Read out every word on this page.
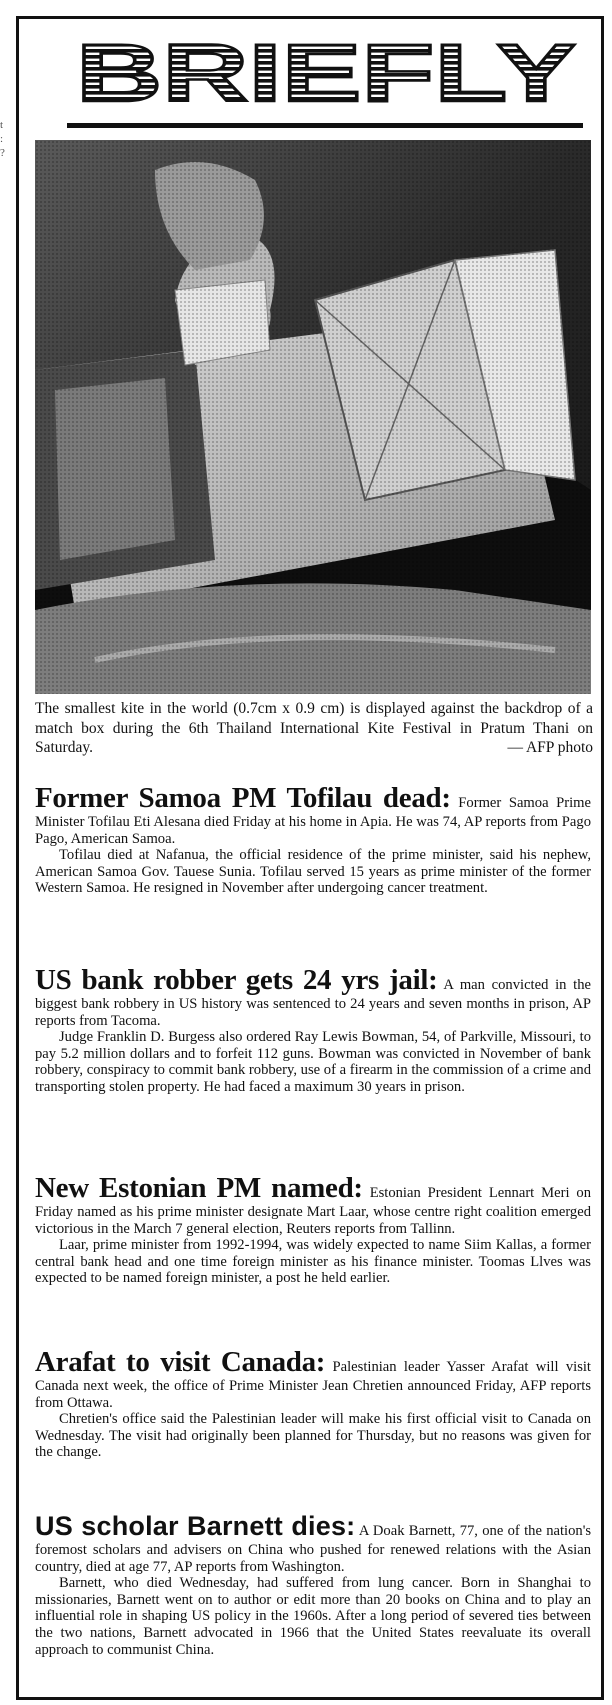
t
:
?
BRIEFLY
The smallest kite in the world (0.7cm x 0.9 cm) is displayed against the backdrop of a match box during the 6th Thailand International Kite Festival in Pratum Thani on Saturday.	— AFP photo

Former Samoa PM Tofilau dead: Former Samoa Prime Minister Tofilau Eti Alesana died Friday at his home in Apia. He was 74, AP reports from Pago Pago, American Samoa.

Tofilau died at Nafanua, the official residence of the prime minister, said his nephew, American Samoa Gov. Tauese Sunia. Tofilau served 15 years as prime minister of the former Western Samoa. He resigned in November after undergoing cancer treatment.

US bank robber gets 24 yrs jail: A man convicted in the biggest bank robbery in US history was sentenced to 24 years and seven months in prison, AP reports from Tacoma.

Judge Franklin D. Burgess also ordered Ray Lewis Bowman, 54, of Parkville, Missouri, to pay 5.2 million dollars and to forfeit 112 guns. Bowman was convicted in November of bank robbery, conspiracy to commit bank robbery, use of a firearm in the commission of a crime and transporting stolen property. He had faced a maximum 30 years in prison.

New Estonian PM named: Estonian President Lennart Meri on Friday named as his prime minister designate Mart Laar, whose centre right coalition emerged victorious in the March 7 general election, Reuters reports from Tallinn.

Laar, prime minister from 1992-1994, was widely expected to name Siim Kallas, a former central bank head and one time foreign minister as his finance minister. Toomas Llves was expected to be named foreign minister, a post he held earlier.

Arafat to visit Canada: Palestinian leader Yasser Arafat will visit Canada next week, the office of Prime Minister Jean Chretien announced Friday, AFP reports from Ottawa.

Chretien's office said the Palestinian leader will make his first official visit to Canada on Wednesday. The visit had originally been planned for Thursday, but no reasons was given for the change.

US scholar Barnett dies: A Doak Barnett, 77, one of the nation's foremost scholars and advisers on China who pushed for renewed relations with the Asian country, died at age 77, AP reports from Washington.

Barnett, who died Wednesday, had suffered from lung cancer. Born in Shanghai to missionaries, Barnett went on to author or edit more than 20 books on China and to play an influential role in shaping US policy in the 1960s. After a long period of severed ties between the two nations, Barnett advocated in 1966 that the United States reevaluate its overall approach to communist China.
